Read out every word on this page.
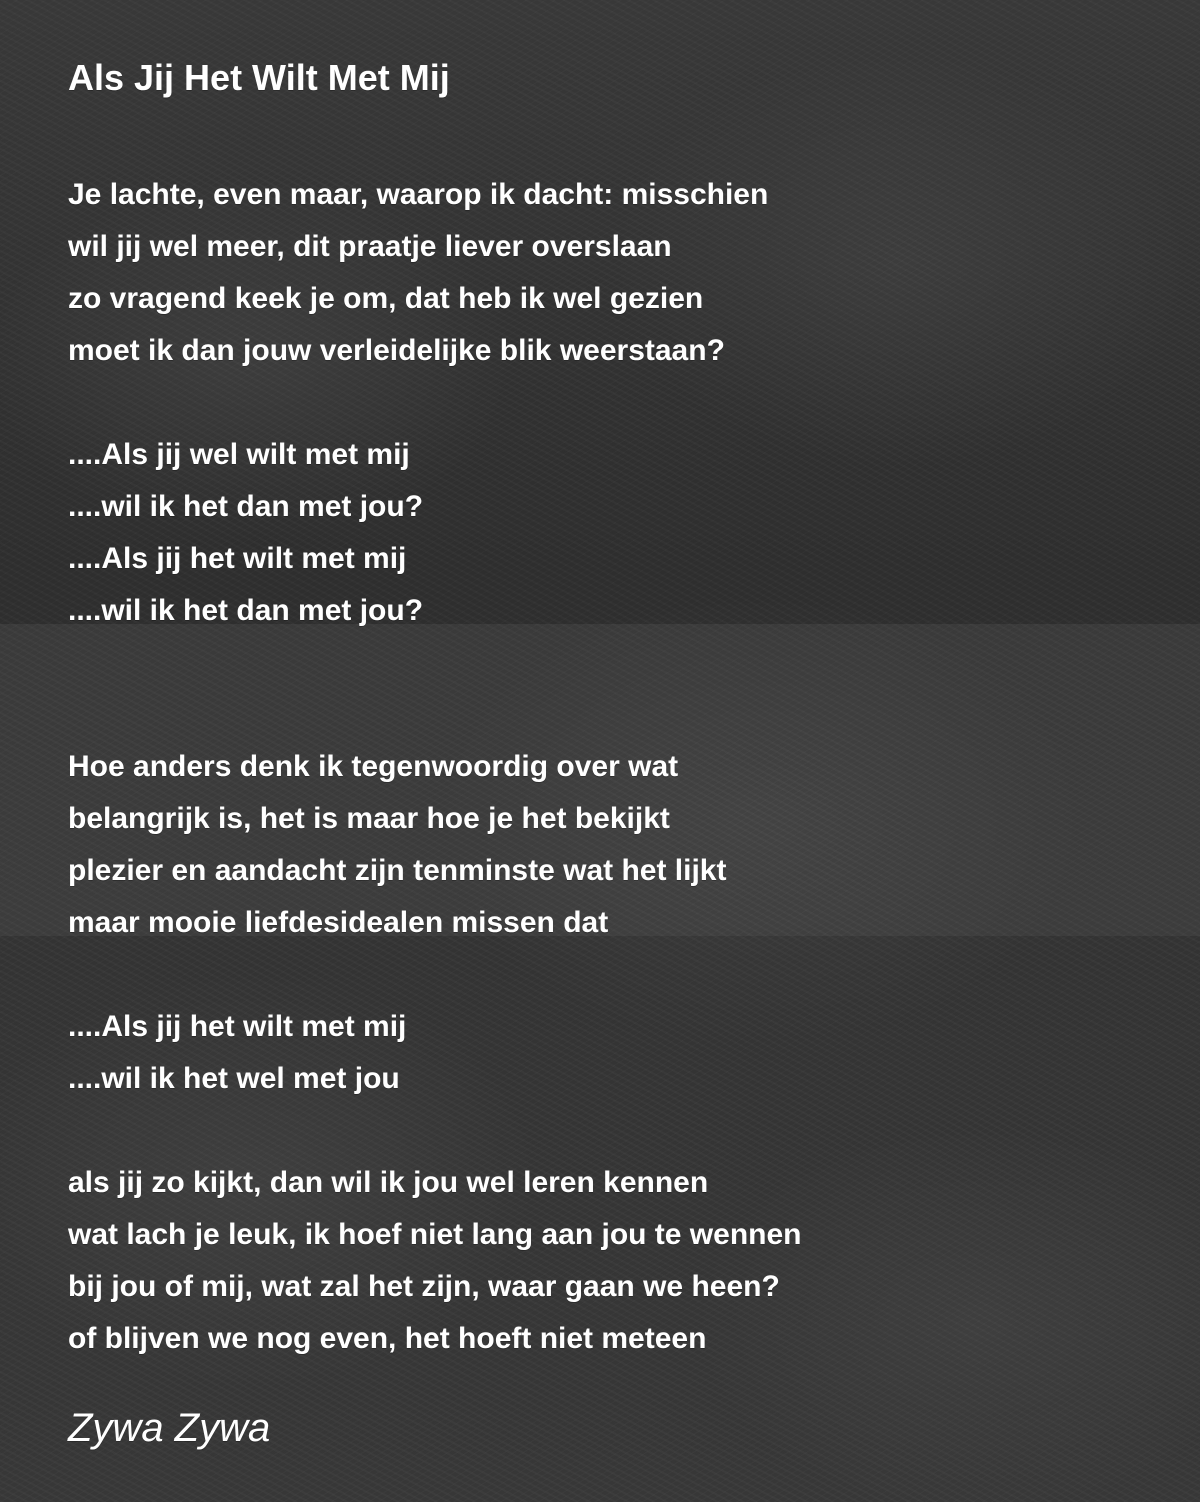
Als Jij Het Wilt Met Mij
Je lachte, even maar, waarop ik dacht: misschien
wil jij wel meer, dit praatje liever overslaan
zo vragend keek je om, dat heb ik wel gezien
moet ik dan jouw verleidelijke blik weerstaan?
....Als jij wel wilt met mij
....wil ik het dan met jou?
....Als jij het wilt met mij
....wil ik het dan met jou?
Hoe anders denk ik tegenwoordig over wat
belangrijk is, het is maar hoe je het bekijkt
plezier en aandacht zijn tenminste wat het lijkt
maar mooie liefdesidealen missen dat
....Als jij het wilt met mij
....wil ik het wel met jou
als jij zo kijkt, dan wil ik jou wel leren kennen
wat lach je leuk, ik hoef niet lang aan jou te wennen
bij jou of mij, wat zal het zijn, waar gaan we heen?
of blijven we nog even, het hoeft niet meteen
Zywa Zywa
